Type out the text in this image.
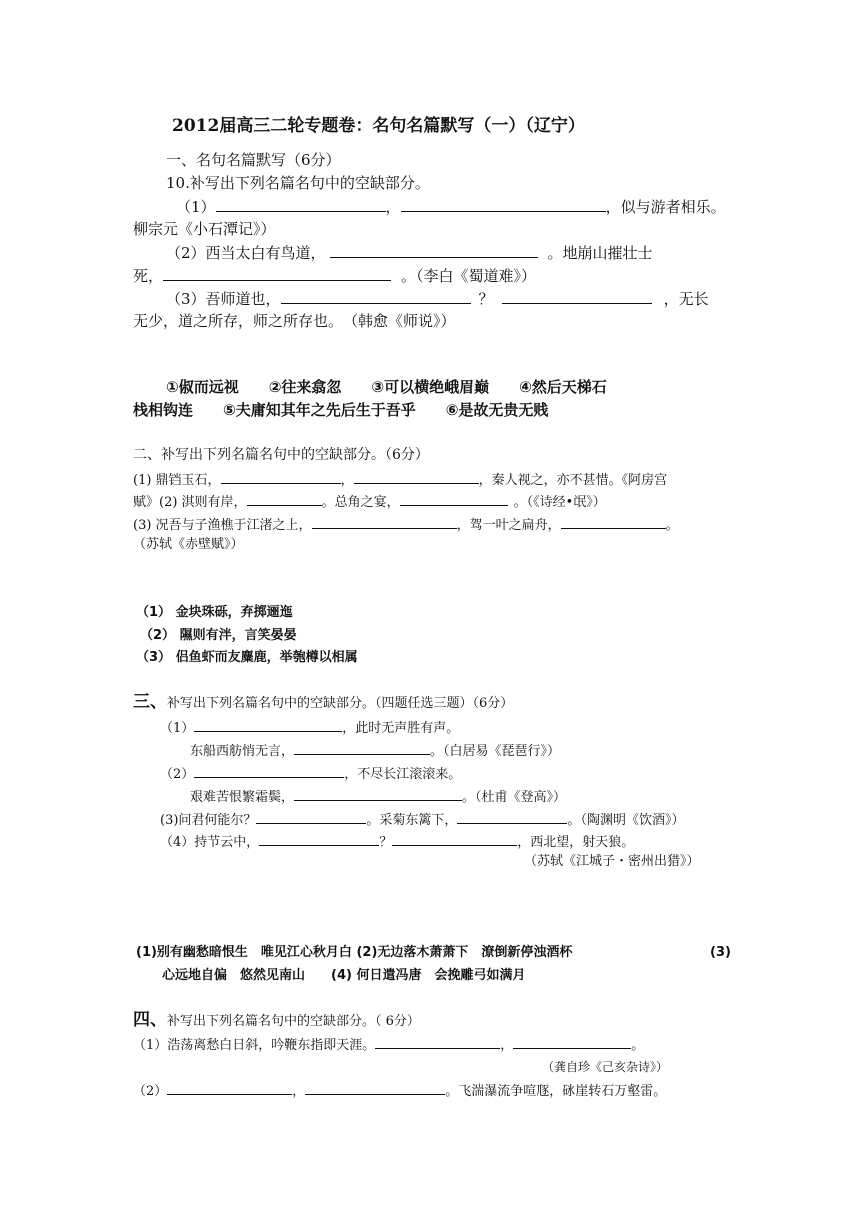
2012届高三二轮专题卷：名句名篇默写（一）（辽宁）
一、名句名篇默写（6分）
10.补写出下列名篇名句中的空缺部分。
（1）	，	，似与游者相乐。
柳宗元《小石潭记》）
（2）西当太白有鸟道，	。地崩山摧壮士
死，	。（李白《蜀道难》）
（3）吾师道也，	？	，无长
无少，道之所存，师之所存也。　（韩愈《师说》）
①俶而远视　　②往来翕忽　　③可以横绝峨眉巅　　④然后天梯石
栈相钩连　　⑤夫庸知其年之先后生于吾乎　　⑥是故无贵无贱
二、补写出下列名篇名句中的空缺部分。（6分）
(1) 鼎铛玉石，	，	，秦人视之，亦不甚惜。《阿房宫
赋》(2) 淇则有岸，	。总角之宴，	。（《诗经•氓》）
(3) 况吾与子渔樵于江渚之上，	，驾一叶之扁舟，	。
（苏轼《赤壁赋》）
（1） 金块珠砾，弃掷逦迤
（2） 隰则有泮，言笑晏晏
（3） 侣鱼虾而友麋鹿，举匏樽以相属
三、补写出下列名篇名句中的空缺部分。（四题任选三题）（6分）
（1）	，此时无声胜有声。
东船西舫悄无言，	。（白居易《琵琶行》）
（2）	，不尽长江滚滚来。
艰难苦恨繁霜鬓，	。（杜甫《登高》）
(3)问君何能尔？	。采菊东篱下，	。（陶渊明《饮酒》）
（4）持节云中，	？	，西北望，射天狼。
（苏轼《江城子・密州出猎》）
(1)别有幽愁暗恨生　唯见江心秋月白 (2)无边落木萧萧下　潦倒新停浊酒杯	(3)
心远地自偏　悠然见南山　　(4) 何日遣冯唐　会挽雕弓如满月
四、补写出下列名篇名句中的空缺部分。（ 6分）
（1）浩荡离愁白日斜，吟鞭东指即天涯。	，	。
（龚自珍《己亥杂诗》）
（2）	，	。飞湍瀑流争喧豗，砯崖转石万壑雷。
